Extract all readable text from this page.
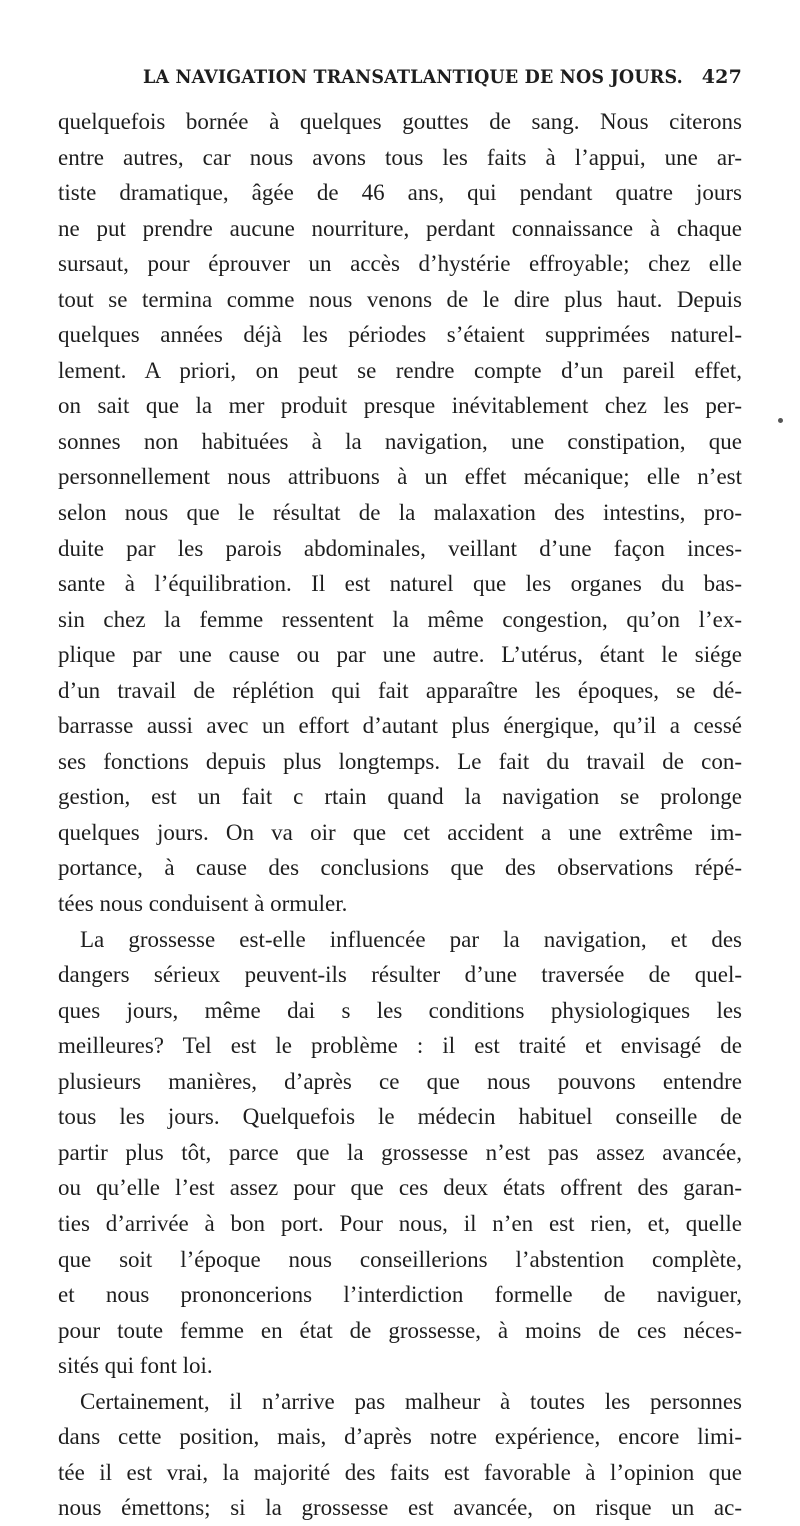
LA NAVIGATION TRANSATLANTIQUE DE NOS JOURS. 427
quelquefois bornée à quelques gouttes de sang. Nous citerons
entre autres, car nous avons tous les faits à l’appui, une ar-
tiste dramatique, âgée de 46 ans, qui pendant quatre jours
ne put prendre aucune nourriture, perdant connaissance à chaque
sursaut, pour éprouver un accès d’hystérie effroyable; chez elle
tout se termina comme nous venons de le dire plus haut. Depuis
quelques années déjà les périodes s’étaient supprimées naturel-
lement. A priori, on peut se rendre compte d’un pareil effet,
on sait que la mer produit presque inévitablement chez les per-
sonnes non habituées à la navigation, une constipation, que
personnellement nous attribuons à un effet mécanique; elle n’est
selon nous que le résultat de la malaxation des intestins, pro-
duite par les parois abdominales, veillant d’une façon inces-
sante à l’équilibration. Il est naturel que les organes du bas-
sin chez la femme ressentent la même congestion, qu’on l’ex-
plique par une cause ou par une autre. L’utérus, étant le siége
d’un travail de réplétion qui fait apparaître les époques, se dé-
barrasse aussi avec un effort d’autant plus énergique, qu’il a cessé
ses fonctions depuis plus longtemps. Le fait du travail de con-
gestion, est un fait c rtain quand la navigation se prolonge
quelques jours. On va oir que cet accident a une extrême im-
portance, à cause des conclusions que des observations répé-
tées nous conduisent à ormuler.
La grossesse est-elle influencée par la navigation, et des
dangers sérieux peuvent-ils résulter d’une traversée de quel-
ques jours, même dai s les conditions physiologiques les
meilleures? Tel est le problème : il est traité et envisagé de
plusieurs manières, d’après ce que nous pouvons entendre
tous les jours. Quelquefois le médecin habituel conseille de
partir plus tôt, parce que la grossesse n’est pas assez avancée,
ou qu’elle l’est assez pour que ces deux états offrent des garan-
ties d’arrivée à bon port. Pour nous, il n’en est rien, et, quelle
que soit l’époque nous conseillerions l’abstention complète,
et nous prononcerions l’interdiction formelle de naviguer,
pour toute femme en état de grossesse, à moins de ces néces-
sités qui font loi.
Certainement, il n’arrive pas malheur à toutes les personnes
dans cette position, mais, d’après notre expérience, encore limi-
tée il est vrai, la majorité des faits est favorable à l’opinion que
nous émettons; si la grossesse est avancée, on risque un ac-
